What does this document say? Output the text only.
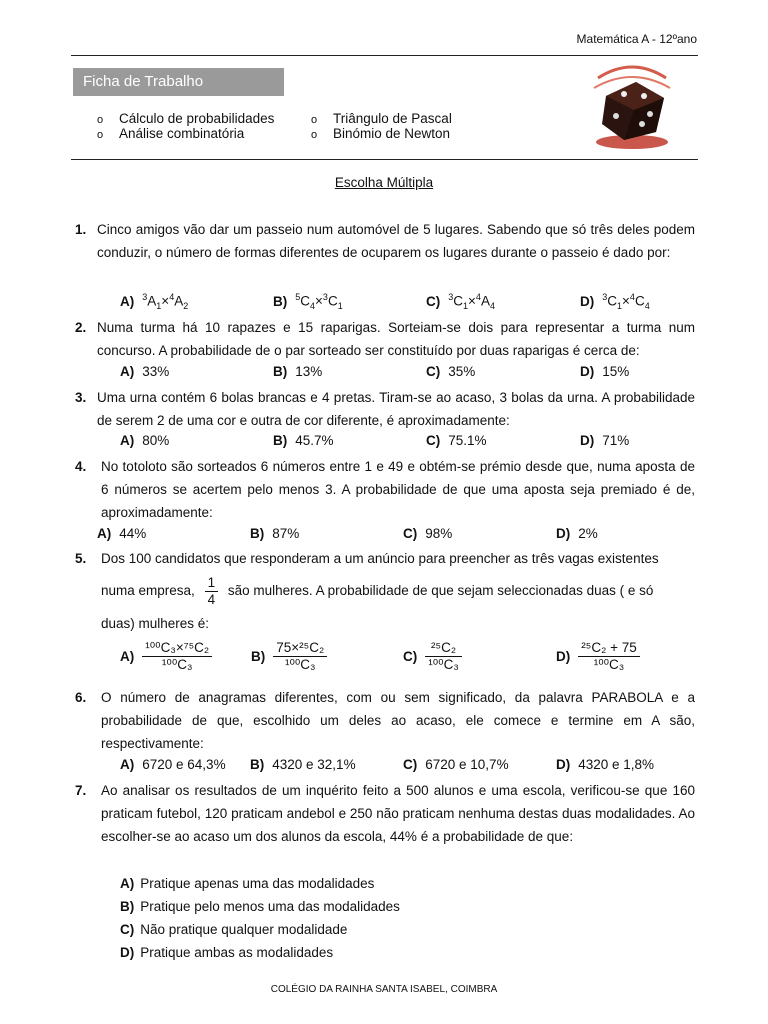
Matemática A - 12ºano
Ficha de Trabalho
o Cálculo de probabilidades
o Análise combinatória
o Triângulo de Pascal
o Binómio de Newton
Escolha Múltipla
1. Cinco amigos vão dar um passeio num automóvel de 5 lugares. Sabendo que só três deles podem conduzir, o número de formas diferentes de ocuparem os lugares durante o passeio é dado por:
A) $^3A_1\times^4A_2$	B) $^5C_4\times^3C_1$	C) $^3C_1\times^4A_4$	D) $^3C_1\times^4C_4$
2. Numa turma há 10 rapazes e 15 raparigas. Sorteiam-se dois para representar a turma num concurso. A probabilidade de o par sorteado ser constituído por duas raparigas é cerca de:
A) 33%	B) 13%	C) 35%	D) 15%
3. Uma urna contém 6 bolas brancas e 4 pretas. Tiram-se ao acaso, 3 bolas da urna. A probabilidade de serem 2 de uma cor e outra de cor diferente, é aproximadamente:
A) 80%	B) 45.7%	C) 75.1%	D) 71%
4. No totoloto são sorteados 6 números entre 1 e 49 e obtém-se prémio desde que, numa aposta de 6 números se acertem pelo menos 3. A probabilidade de que uma aposta seja premiado é de, aproximadamente:
A) 44%	B) 87%	C) 98%	D) 2%
5. Dos 100 candidatos que responderam a um anúncio para preencher as três vagas existentes
numa empresa, $\frac{1}{4}$ são mulheres. A probabilidade de que sejam seleccionadas duas ( e só
duas) mulheres é:
$A) \frac{\text{¹⁰⁰C₃×⁷⁵C₂}}{\text{¹⁰⁰C₃}}$	$B) \frac{\text{75×²⁵C₂}}{\text{¹⁰⁰C₃}}$	$C) \frac{\text{²⁵C₂}}{\text{¹⁰⁰C₃}}$	$D) \frac{\text{²⁵C₂ + 75}}{\text{¹⁰⁰C₃}}$
6. O número de anagramas diferentes, com ou sem significado, da palavra PARABOLA e a probabilidade de que, escolhido um deles ao acaso, ele comece e termine em A são, respectivamente:
A) 6720 e 64,3% B) 4320 e 32,1%	C) 6720 e 10,7%	D) 4320 e 1,8%
7. Ao analisar os resultados de um inquérito feito a 500 alunos e uma escola, verificou-se que 160 praticam futebol, 120 praticam andebol e 250 não praticam nenhuma destas duas modalidades. Ao escolher-se ao acaso um dos alunos da escola, 44% é a probabilidade de que:
A) Pratique apenas uma das modalidades
B) Pratique pelo menos uma das modalidades
C) Não pratique qualquer modalidade
D) Pratique ambas as modalidades
COLÉGIO DA RAINHA SANTA ISABEL, COIMBRA
